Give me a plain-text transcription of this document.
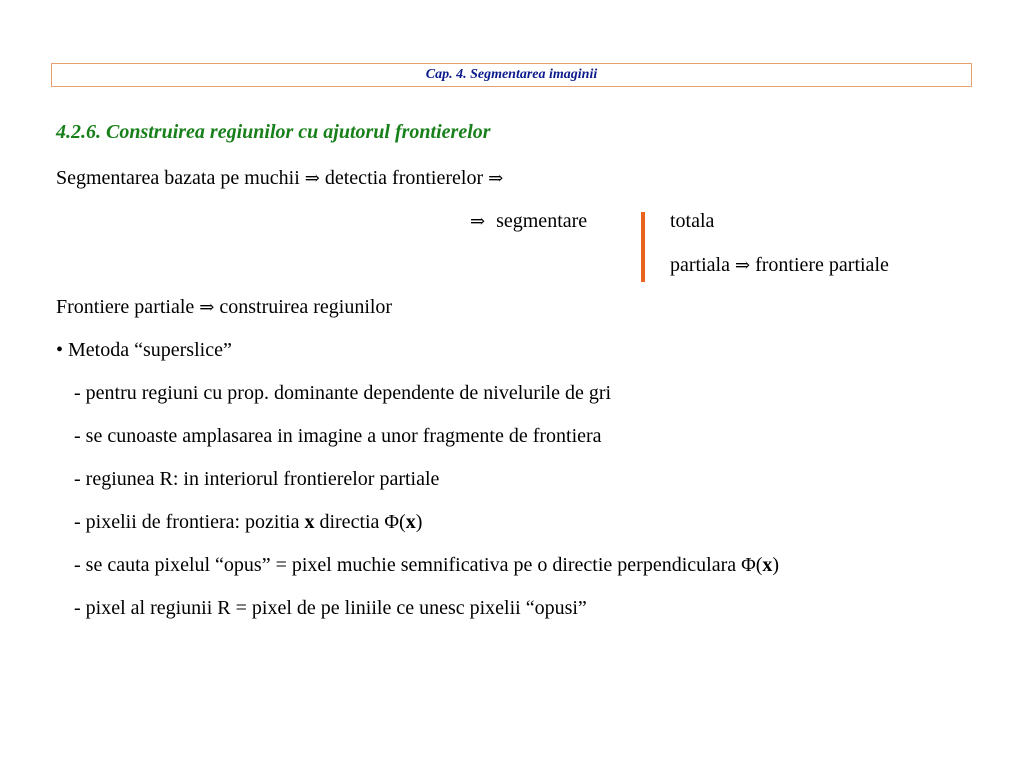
Cap. 4. Segmentarea imaginii
4.2.6. Construirea regiunilor cu ajutorul frontierelor
Segmentarea bazata pe muchii ⇒ detectia frontierelor ⇒
⇒ segmentare	totala
partiala ⇒ frontiere partiale
Frontiere partiale ⇒ construirea regiunilor
• Metoda “superslice”
- pentru regiuni cu prop. dominante dependente de nivelurile de gri
- se cunoaste amplasarea in imagine a unor fragmente de frontiera
- regiunea R: in interiorul frontierelor partiale
- pixelii de frontiera: pozitia x directia Φ(x)
- se cauta pixelul “opus” = pixel muchie semnificativa pe o directie perpendiculara Φ(x)
- pixel al regiunii R = pixel de pe liniile ce unesc pixelii “opusi”
